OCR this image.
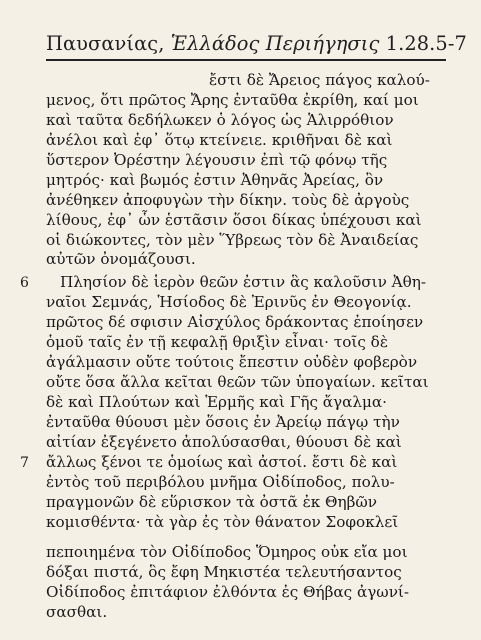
Παυσανίας, Ἑλλάδος Περιήγησις 1.28.5-7
6
7
ἔστι δὲ Ἄρειος πάγος καλού-
μενος, ὅτι πρῶτος Ἄρης ἐνταῦθα ἐκρίθη, καί μοι
καὶ ταῦτα δεδήλωκεν ὁ λόγος ὡς Ἁλιρρόθιον
ἀνέλοι καὶ ἐφ᾽ ὅτῳ κτείνειε. κριθῆναι δὲ καὶ
ὕστερον Ὀρέστην λέγουσιν ἐπὶ τῷ φόνῳ τῆς
μητρός· καὶ βωμός ἐστιν Ἀθηνᾶς Ἀρείας, ὃν
ἀνέθηκεν ἀποφυγὼν τὴν δίκην. τοὺς δὲ ἀργοὺς
λίθους, ἐφ᾽ ὧν ἑστᾶσιν ὅσοι δίκας ὑπέχουσι καὶ
οἱ διώκοντες, τὸν μὲν Ὕβρεως τὸν δὲ Ἀναιδείας
αὐτῶν ὀνομάζουσι.
Πλησίον δὲ ἱερὸν θεῶν ἐστιν ἃς καλοῦσιν Ἀθη-
ναῖοι Σεμνάς, Ἡσίοδος δὲ Ἐρινῦς ἐν Θεογονίᾳ.
πρῶτος δέ σφισιν Αἰσχύλος δράκοντας ἐποίησεν
ὁμοῦ ταῖς ἐν τῇ κεφαλῇ θριξὶν εἶναι· τοῖς δὲ
ἀγάλμασιν οὔτε τούτοις ἔπεστιν οὐδὲν φοβερὸν
οὔτε ὅσα ἄλλα κεῖται θεῶν τῶν ὑπογαίων. κεῖται
δὲ καὶ Πλούτων καὶ Ἑρμῆς καὶ Γῆς ἄγαλμα·
ἐνταῦθα θύουσι μὲν ὅσοις ἐν Ἀρείῳ πάγῳ τὴν
αἰτίαν ἐξεγένετο ἀπολύσασθαι, θύουσι δὲ καὶ
ἄλλως ξένοι τε ὁμοίως καὶ ἀστοί. ἔστι δὲ καὶ
ἐντὸς τοῦ περιβόλου μνῆμα Οἰδίποδος, πολυ-
πραγμονῶν δὲ εὕρισκον τὰ ὀστᾶ ἐκ Θηβῶν
κομισθέντα· τὰ γὰρ ἐς τὸν θάνατον Σοφοκλεῖ
πεποιημένα τὸν Οἰδίποδος Ὅμηρος οὐκ εἴα μοι
δόξαι πιστά, ὃς ἔφη Μηκιστέα τελευτήσαντος
Οἰδίποδος ἐπιτάφιον ἐλθόντα ἐς Θήβας ἀγωνί-
σασθαι.
